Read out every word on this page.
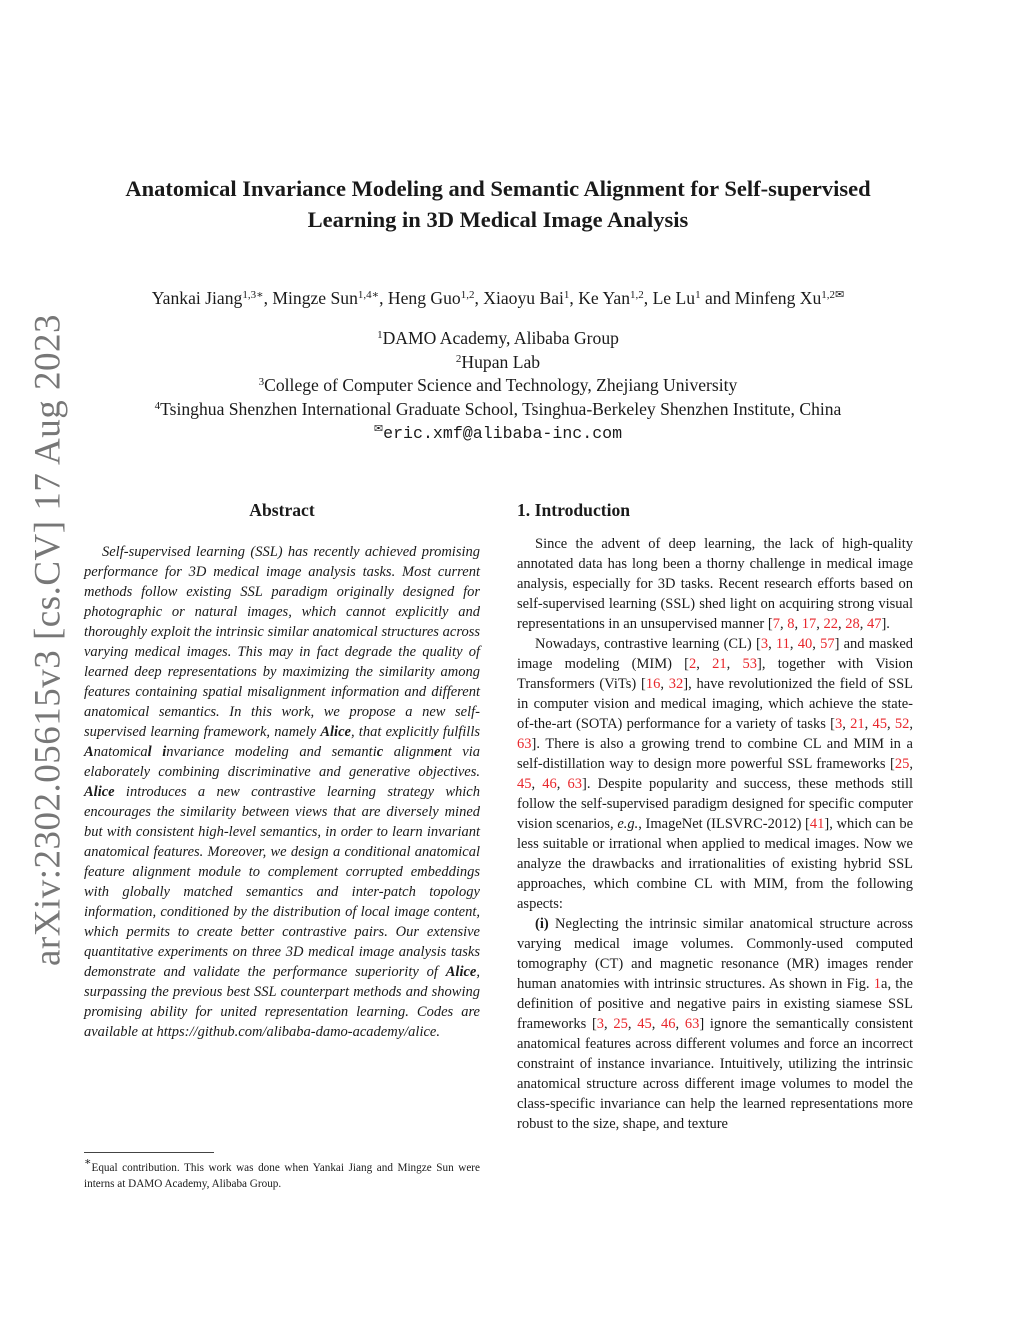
arXiv:2302.05615v3 [cs.CV] 17 Aug 2023
Anatomical Invariance Modeling and Semantic Alignment for Self-supervised Learning in 3D Medical Image Analysis
Yankai Jiang$^{1,3∗}$, Mingze Sun$^{1,4∗}$, Heng Guo$^{1,2}$, Xiaoyu Bai$^1$, Ke Yan$^{1,2}$, Le Lu$^1$ and Minfeng $Xu^{1,2✉}$
$^1$DAMO Academy, Alibaba Group
$^2$Hupan Lab
$^3$College of Computer Science and Technology, Zhejiang University
$^4$Tsinghua Shenzhen International Graduate School, Tsinghua-Berkeley Shenzhen Institute, China
✉eric.xmf@alibaba-inc.com
Abstract

Self-supervised learning (SSL) has recently achieved promising performance for 3D medical image analysis tasks. Most current methods follow existing SSL paradigm originally designed for photographic or natural images, which cannot explicitly and thoroughly exploit the intrinsic similar anatomical structures across varying medical images. This may in fact degrade the quality of learned deep representations by maximizing the similarity among features containing spatial misalignment information and different anatomical semantics. In this work, we propose a new self-supervised learning framework, namely Alice, that explicitly fulfills Anatomical invariance modeling and semantic alignment via elaborately combining discriminative and generative objectives. Alice introduces a new contrastive learning strategy which encourages the similarity between views that are diversely mined but with consistent high-level semantics, in order to learn invariant anatomical features. Moreover, we design a conditional anatomical feature alignment module to complement corrupted embeddings with globally matched semantics and inter-patch topology information, conditioned by the distribution of local image content, which permits to create better contrastive pairs. Our extensive quantitative experiments on three 3D medical image analysis tasks demonstrate and validate the performance superiority of Alice, surpassing the previous best SSL counterpart methods and showing promising ability for united representation learning. Codes are available at https://github.com/alibaba-damo-academy/alice.

1. Introduction

Since the advent of deep learning, the lack of high-quality annotated data has long been a thorny challenge in medical image analysis, especially for 3D tasks. Recent research efforts based on self-supervised learning (SSL) shed light on acquiring strong visual representations in an unsupervised manner [7, 8, 17, 22, 28, 47].

Nowadays, contrastive learning (CL) [3, 11, 40, 57] and masked image modeling (MIM) [2, 21, 53], together with Vision Transformers (ViTs) [16, 32], have revolutionized the field of SSL in computer vision and medical imaging, which achieve the state-of-the-art (SOTA) performance for a variety of tasks [3, 21, 45, 52, 63]. There is also a growing trend to combine CL and MIM in a self-distillation way to design more powerful SSL frameworks [25, 45, 46, 63]. Despite popularity and success, these methods still follow the self-supervised paradigm designed for specific computer vision scenarios, e.g., ImageNet (ILSVRC-2012) [41], which can be less suitable or irrational when applied to medical images. Now we analyze the drawbacks and irrationalities of existing hybrid SSL approaches, which combine CL with MIM, from the following aspects:

(i) Neglecting the intrinsic similar anatomical structure across varying medical image volumes. Commonly-used computed tomography (CT) and magnetic resonance (MR) images render human anatomies with intrinsic structures. As shown in Fig. 1a, the definition of positive and negative pairs in existing siamese SSL frameworks [3, 25, 45, 46, 63] ignore the semantically consistent anatomical features across different volumes and force an incorrect constraint of instance invariance. Intuitively, utilizing the intrinsic anatomical structure across different image volumes to model the class-specific invariance can help the learned representations more robust to the size, shape, and texture

∗Equal contribution. This work was done when Yankai Jiang and Mingze Sun were interns at DAMO Academy, Alibaba Group.
